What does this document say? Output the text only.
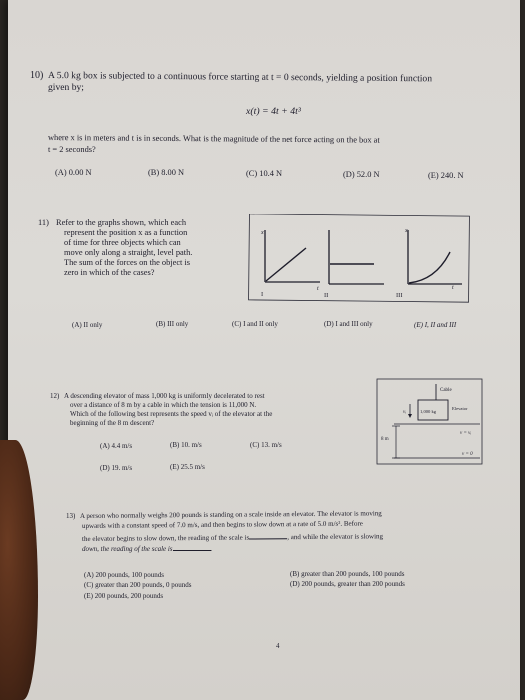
10) A 5.0 kg box is subjected to a continuous force starting at t = 0 seconds, yielding a position function
given by;
x(t) = 4t + 4t³
where x is in meters and t is in seconds. What is the magnitude of the net force acting on the box at
t = 2 seconds?
(A) 0.00 N	(B) 8.00 N	(C) 10.4 N	(D) 52.0 N	(E) 240. N
11) Refer to the graphs shown, which each
represent the position x as a function
of time for three objects which can
move only along a straight, level path.
The sum of the forces on the object is
zero in which of the cases?
x
I
t
II
x
t
III
(A) II only	(B) III only	(C) I and II only	(D) I and III only	(E) I, II and III
12) A descending elevator of mass 1,000 kg is uniformly decelerated to rest
over a distance of 8 m by a cable in which the tension is 11,000 N.
Which of the following best represents the speed vᵢ of the elevator at the
beginning of the 8 m descent?
(A) 4.4 m/s	(B) 10. m/s	(C) 13. m/s
(D) 19. m/s	(E) 25.5 m/s
Cable
1,000 kg
Elevator
vᵢ
v = vᵢ
8 m
v = 0
13) A person who normally weighs 200 pounds is standing on a scale inside an elevator. The elevator is moving
upwards with a constant speed of 7.0 m/s, and then begins to slow down at a rate of 5.0 m/s². Before
the elevator begins to slow down, the reading of the scale is	, and while the elevator is slowing
down, the reading of the scale is	.
(A) 200 pounds, 100 pounds	(B) greater than 200 pounds, 100 pounds
(C) greater than 200 pounds, 0 pounds	(D) 200 pounds, greater than 200 pounds
(E) 200 pounds, 200 pounds
4
